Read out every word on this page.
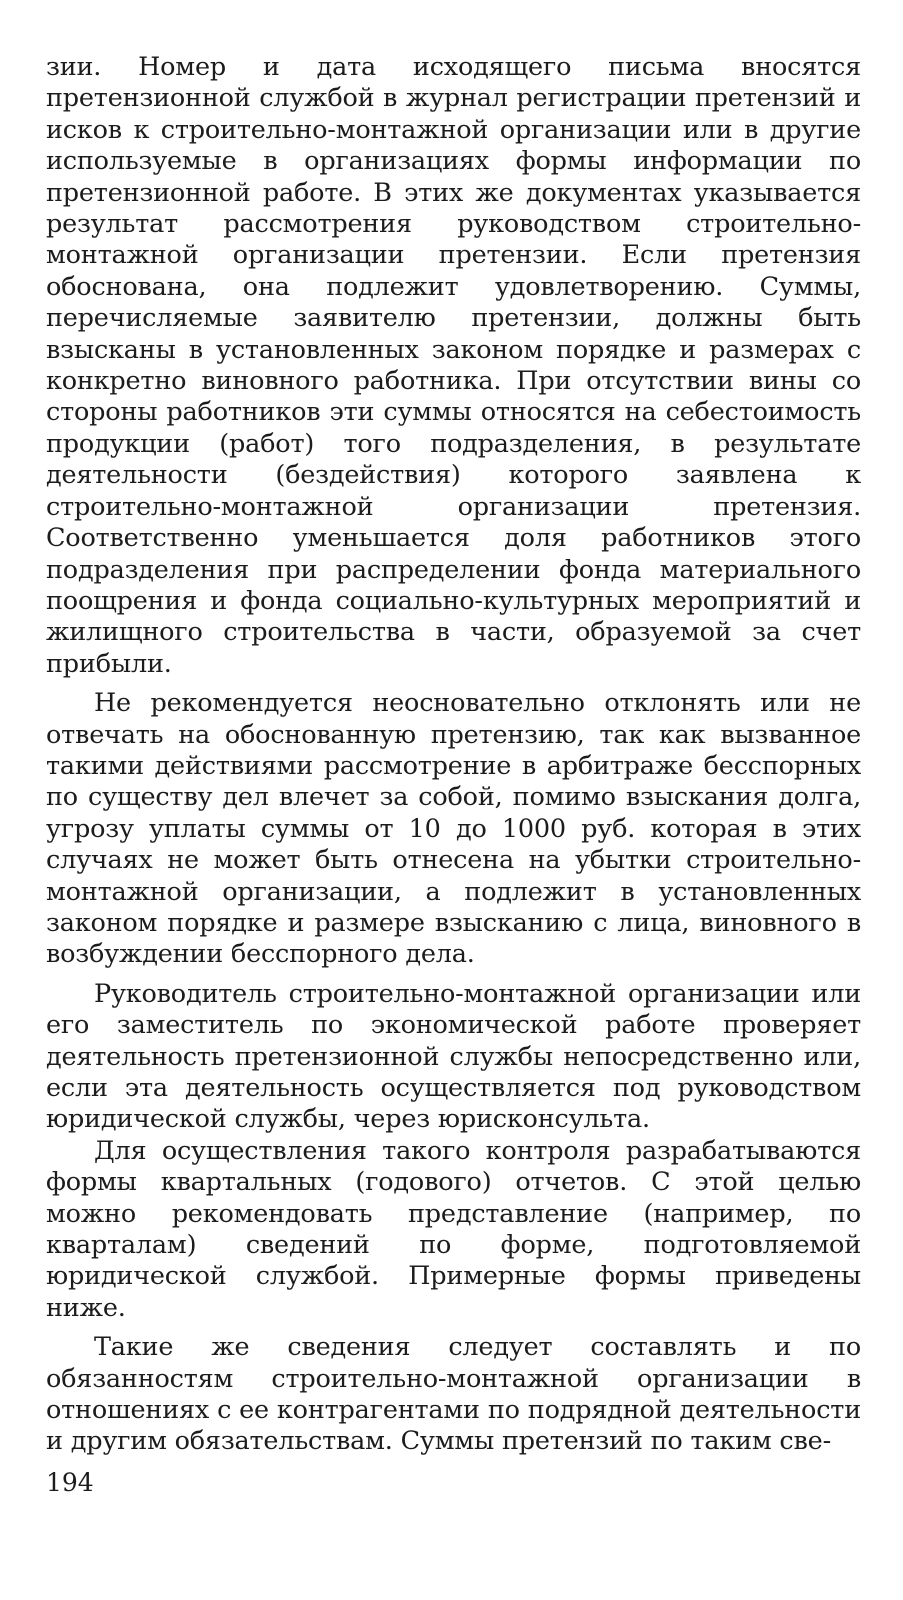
зии. Номер и дата исходящего письма вносятся претензионной службой в журнал регистрации претензий и исков к строительно-монтажной организации или в другие используемые в организациях формы информации по претензионной работе. В этих же документах указывается результат рассмотрения руководством строительно-монтажной организации претензии. Если претензия обоснована, она подлежит удовлетворению. Суммы, перечисляемые заявителю претензии, должны быть взысканы в установленных законом порядке и размерах с конкретно виновного работника. При отсутствии вины со стороны работников эти суммы относятся на себестоимость продукции (работ) того подразделения, в результате деятельности (бездействия) которого заявлена к строительно-монтажной организации претензия. Соответственно уменьшается доля работников этого подразделения при распределении фонда материального поощрения и фонда социально-культурных мероприятий и жилищного строительства в части, образуемой за счет прибыли.

Не рекомендуется неосновательно отклонять или не отвечать на обоснованную претензию, так как вызванное такими действиями рассмотрение в арбитраже бесспорных по существу дел влечет за собой, помимо взыскания долга, угрозу уплаты суммы от 10 до 1000 руб. которая в этих случаях не может быть отнесена на убытки строительно-монтажной организации, а подлежит в установленных законом порядке и размере взысканию с лица, виновного в возбуждении бесспорного дела.

Руководитель строительно-монтажной организации или его заместитель по экономической работе проверяет деятельность претензионной службы непосредственно или, если эта деятельность осуществляется под руководством юридической службы, через юрисконсульта.

Для осуществления такого контроля разрабатываются формы квартальных (годового) отчетов. С этой целью можно рекомендовать представление (например, по кварталам) сведений по форме, подготовляемой юридической службой. Примерные формы приведены ниже.

Такие же сведения следует составлять и по обязанностям строительно-монтажной организации в отношениях с ее контрагентами по подрядной деятельности и другим обязательствам. Суммы претензий по таким све-

194
